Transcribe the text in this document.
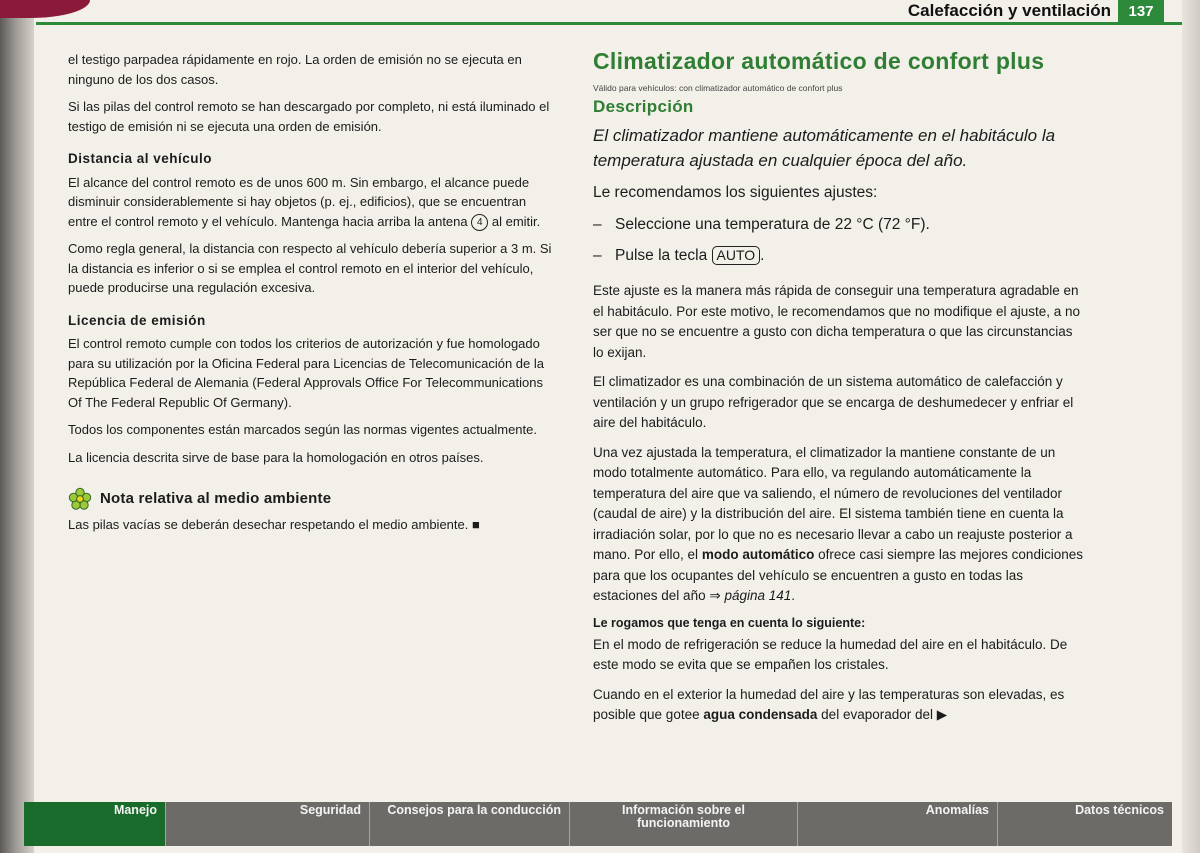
Calefacción y ventilación	137

el testigo parpadea rápidamente en rojo. La orden de emisión no se ejecuta en ninguno de los dos casos.

Si las pilas del control remoto se han descargado por completo, ni está iluminado el testigo de emisión ni se ejecuta una orden de emisión.

Distancia al vehículo

El alcance del control remoto es de unos 600 m. Sin embargo, el alcance puede disminuir considerablemente si hay objetos (p. ej., edificios), que se encuentran entre el control remoto y el vehículo. Mantenga hacia arriba la antena 4 al emitir.

Como regla general, la distancia con respecto al vehículo debería superior a 3 m. Si la distancia es inferior o si se emplea el control remoto en el interior del vehículo, puede producirse una regulación excesiva.

Licencia de emisión

El control remoto cumple con todos los criterios de autorización y fue homologado para su utilización por la Oficina Federal para Licencias de Telecomunicación de la República Federal de Alemania (Federal Approvals Office For Telecommunications Of The Federal Republic Of Germany).

Todos los componentes están marcados según las normas vigentes actualmente.

La licencia descrita sirve de base para la homologación en otros países.

Nota relativa al medio ambiente

Las pilas vacías se deberán desechar respetando el medio ambiente. ■

Climatizador automático de confort plus
Válido para vehículos: con climatizador automático de confort plus
Descripción

El climatizador mantiene automáticamente en el habitáculo la temperatura ajustada en cualquier época del año.

Le recomendamos los siguientes ajustes:

– Seleccione una temperatura de 22 °C (72 °F).
– Pulse la tecla AUTO .

Este ajuste es la manera más rápida de conseguir una temperatura agradable en el habitáculo. Por este motivo, le recomendamos que no modifique el ajuste, a no ser que no se encuentre a gusto con dicha temperatura o que las circunstancias lo exijan.

El climatizador es una combinación de un sistema automático de calefacción y ventilación y un grupo refrigerador que se encarga de deshumedecer y enfriar el aire del habitáculo.

Una vez ajustada la temperatura, el climatizador la mantiene constante de un modo totalmente automático. Para ello, va regulando automáticamente la temperatura del aire que va saliendo, el número de revoluciones del ventilador (caudal de aire) y la distribución del aire. El sistema también tiene en cuenta la irradiación solar, por lo que no es necesario llevar a cabo un reajuste posterior a mano. Por ello, el modo automático ofrece casi siempre las mejores condiciones para que los ocupantes del vehículo se encuentren a gusto en todas las estaciones del año ⇒ página 141.

Le rogamos que tenga en cuenta lo siguiente:

En el modo de refrigeración se reduce la humedad del aire en el habitáculo. De este modo se evita que se empañen los cristales.

Cuando en el exterior la humedad del aire y las temperaturas son elevadas, es posible que gotee agua condensada del evaporador del ▶

Manejo	Seguridad Consejos para la conducción	Información sobre el funcionamiento
Anomalías	Datos técnicos
